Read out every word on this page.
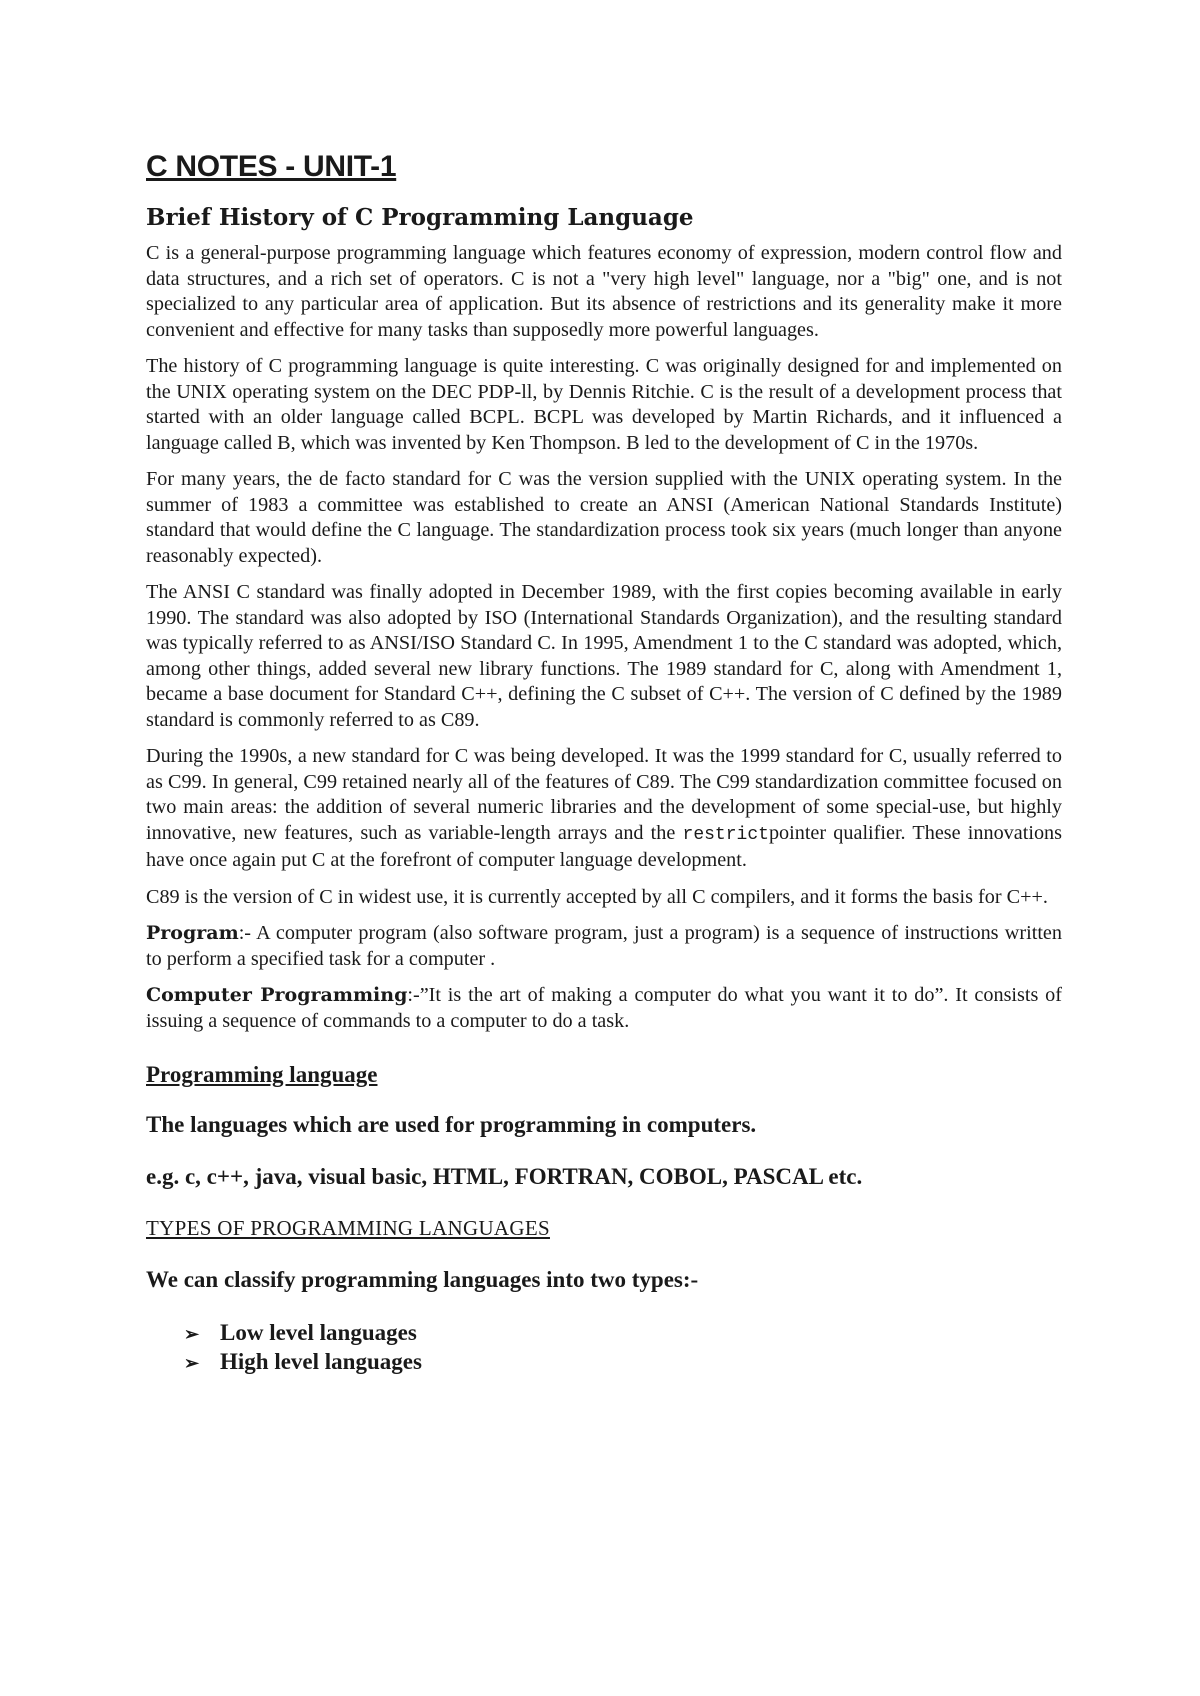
C NOTES - UNIT-1
Brief History of C Programming Language

C is a general-purpose programming language which features economy of expression, modern control flow and data structures, and a rich set of operators. C is not a "very high level" language, nor a "big" one, and is not specialized to any particular area of application. But its absence of restrictions and its generality make it more convenient and effective for many tasks than supposedly more powerful languages.

The history of C programming language is quite interesting. C was originally designed for and implemented on the UNIX operating system on the DEC PDP-ll, by Dennis Ritchie. C is the result of a development process that started with an older language called BCPL. BCPL was developed by Martin Richards, and it influenced a language called B, which was invented by Ken Thompson. B led to the development of C in the 1970s.

For many years, the de facto standard for C was the version supplied with the UNIX operating system. In the summer of 1983 a committee was established to create an ANSI (American National Standards Institute) standard that would define the C language. The standardization process took six years (much longer than anyone reasonably expected).

The ANSI C standard was finally adopted in December 1989, with the first copies becoming available in early 1990. The standard was also adopted by ISO (International Standards Organization), and the resulting standard was typically referred to as ANSI/ISO Standard C. In 1995, Amendment 1 to the C standard was adopted, which, among other things, added several new library functions. The 1989 standard for C, along with Amendment 1, became a base document for Standard C++, defining the C subset of C++. The version of C defined by the 1989 standard is commonly referred to as C89.

During the 1990s, a new standard for C was being developed. It was the 1999 standard for C, usually referred to as C99. In general, C99 retained nearly all of the features of C89. The C99 standardization committee focused on two main areas: the addition of several numeric libraries and the development of some special-use, but highly innovative, new features, such as variable-length arrays and the restrictpointer qualifier. These innovations have once again put C at the forefront of computer language development.

C89 is the version of C in widest use, it is currently accepted by all C compilers, and it forms the basis for C++.

Program:- A computer program (also software program, just a program) is a sequence of instructions written to perform a specified task for a computer .

Computer Programming:-”It is the art of making a computer do what you want it to do”. It consists of issuing a sequence of commands to a computer to do a task.

Programming language
The languages which are used for programming in computers.
e.g. c, c++, java, visual basic, HTML, FORTRAN, COBOL, PASCAL etc.
TYPES OF PROGRAMMING LANGUAGES
We can classify programming languages into two types:-
➢ Low level languages
➢ High level languages
